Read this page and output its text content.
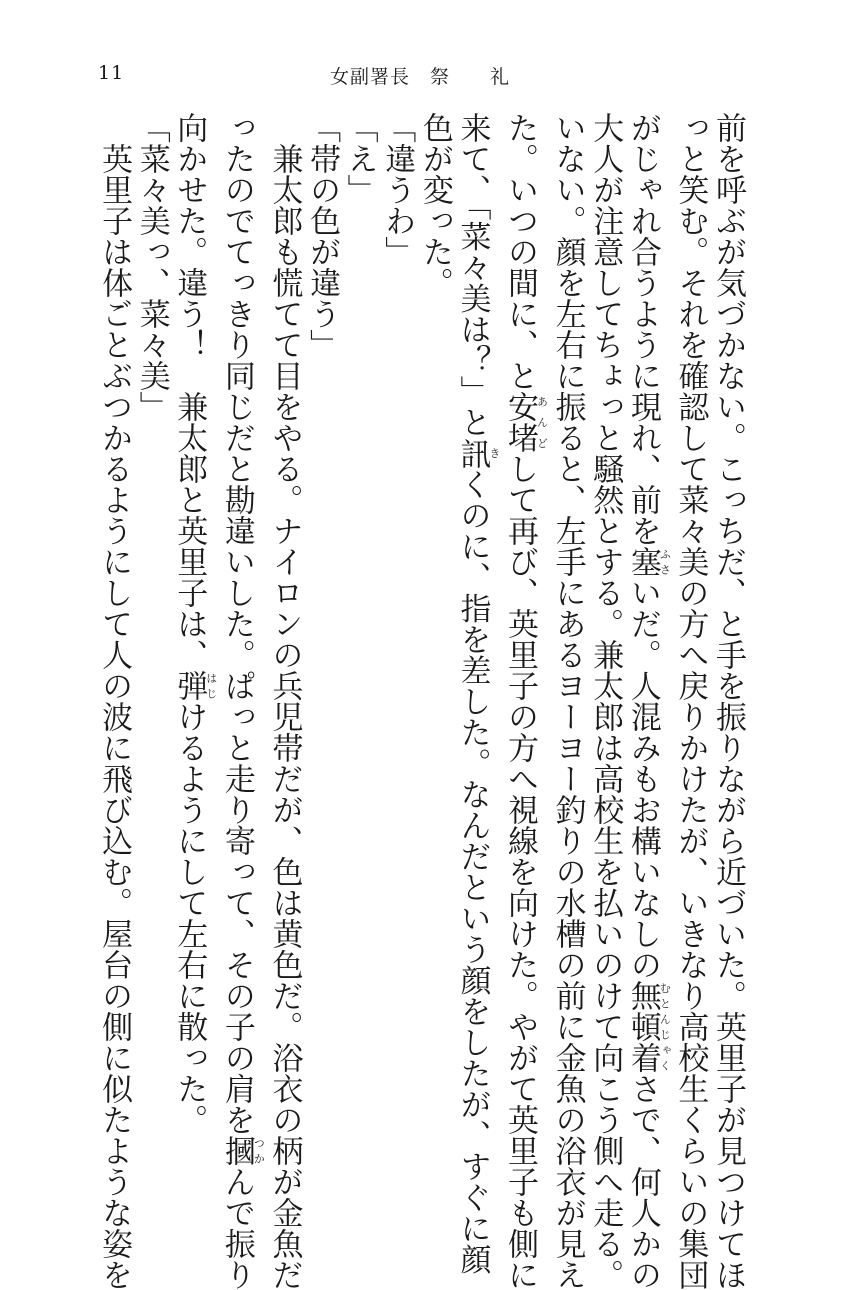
11	女副署長　祭　　礼
前を呼ぶが気づかない。こっちだ、と手を振りながら近づいた。英里子が見つけてほ
っと笑む。それを確認して菜々美の方へ戻りかけたが、いきなり高校生くらいの集団
がじゃれ合うように現れ、前を塞ふさいだ。人混みもお構いなしの無頓着むとんじゃくさで、何人かの
大人が注意してちょっと騒然とする。兼太郎は高校生を払いのけて向こう側へ走る。
いない。顔を左右に振ると、左手にあるヨーヨー釣りの水槽の前に金魚の浴衣が見え
た。いつの間に、と安堵あんどして再び、英里子の方へ視線を向けた。やがて英里子も側に
来て、「菜々美は？」と訊きくのに、指を差した。なんだという顔をしたが、すぐに顔
色が変った。
「違うわ」
「え」
「帯の色が違う」
　兼太郎も慌てて目をやる。ナイロンの兵児帯だが、色は黄色だ。浴衣の柄が金魚だ
ったのでてっきり同じだと勘違いした。ぱっと走り寄って、その子の肩を摑つかんで振り
向かせた。違う！　兼太郎と英里子は、弾はじけるようにして左右に散った。
「菜々美っ、菜々美」
　英里子は体ごとぶつかるようにして人の波に飛び込む。屋台の側に似たような姿を
